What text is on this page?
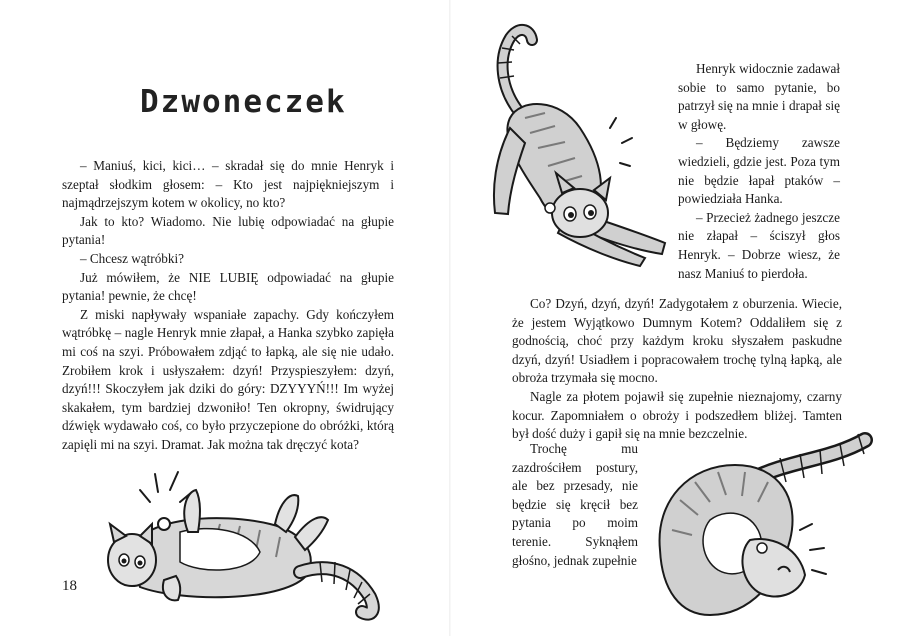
Dzwoneczek

– Maniuś, kici, kici… – skradał się do mnie Henryk i szeptał słodkim głosem: – Kto jest najpiękniejszym i najmądrzejszym kotem w okolicy, no kto?

Jak to kto? Wiadomo. Nie lubię odpowiadać na głupie pytania!

– Chcesz wątróbki?

Już mówiłem, że NIE LUBIĘ odpowiadać na głupie pytania! pewnie, że chcę!

Z miski napływały wspaniałe zapachy. Gdy kończyłem wątróbkę – nagle Henryk mnie złapał, a Hanka szybko zapięła mi coś na szyi. Próbowałem zdjąć to łapką, ale się nie udało. Zrobiłem krok i usłyszałem: dzyń! Przyspieszyłem: dzyń, dzyń!!! Skoczyłem jak dziki do góry: DZYYYŃ!!! Im wyżej skakałem, tym bardziej dzwoniło! Ten okropny, świdrujący dźwięk wydawało coś, co było przyczepione do obróżki, którą zapięli mi na szyi. Dramat. Jak można tak dręczyć kota?

18

Henryk widocznie zadawał sobie to samo pytanie, bo patrzył się na mnie i drapał się w głowę.

– Będziemy zawsze wiedzieli, gdzie jest. Poza tym nie będzie łapał ptaków – powiedziała Hanka.

– Przecież żadnego jeszcze nie złapał – ściszył głos Henryk. – Dobrze wiesz, że nasz Maniuś to pierdoła.

Co? Dzyń, dzyń, dzyń! Zadygotałem z oburzenia. Wiecie, że jestem Wyjątkowo Dumnym Kotem? Oddaliłem się z godnością, choć przy każdym kroku słyszałem paskudne dzyń, dzyń! Usiadłem i popracowałem trochę tylną łapką, ale obroża trzymała się mocno.

Nagle za płotem pojawił się zupełnie nieznajomy, czarny kocur. Zapomniałem o obroży i podszedłem bliżej. Tamten był dość duży i gapił się na mnie bezczelnie.

Trochę mu zazdrościłem postury, ale bez przesady, nie będzie się kręcił bez pytania po moim terenie. Syknąłem głośno, jednak zupełnie
